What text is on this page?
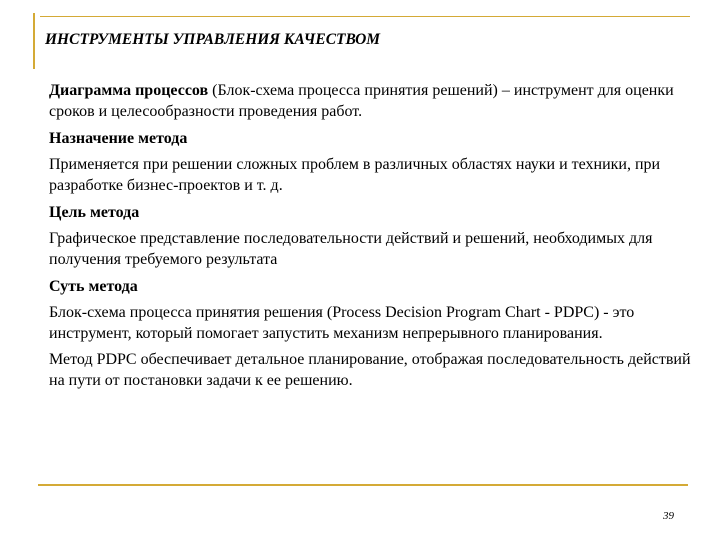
ИНСТРУМЕНТЫ УПРАВЛЕНИЯ КАЧЕСТВОМ

Диаграмма процессов (Блок-схема процесса принятия решений) – инструмент для оценки сроков и целесообразности проведения работ.

Назначение метода

Применяется при решении сложных проблем в различных областях науки и техники, при разработке бизнес-проектов и т. д.

Цель метода

Графическое представление последовательности действий и решений, необходимых для получения требуемого результата

Суть метода

Блок-схема процесса принятия решения (Process Decision Program Chart - PDPC) - это инструмент, который помогает запустить механизм непрерывного планирования.

Метод PDPC обеспечивает детальное планирование, отображая последовательность действий на пути от постановки задачи к ее решению.

39
